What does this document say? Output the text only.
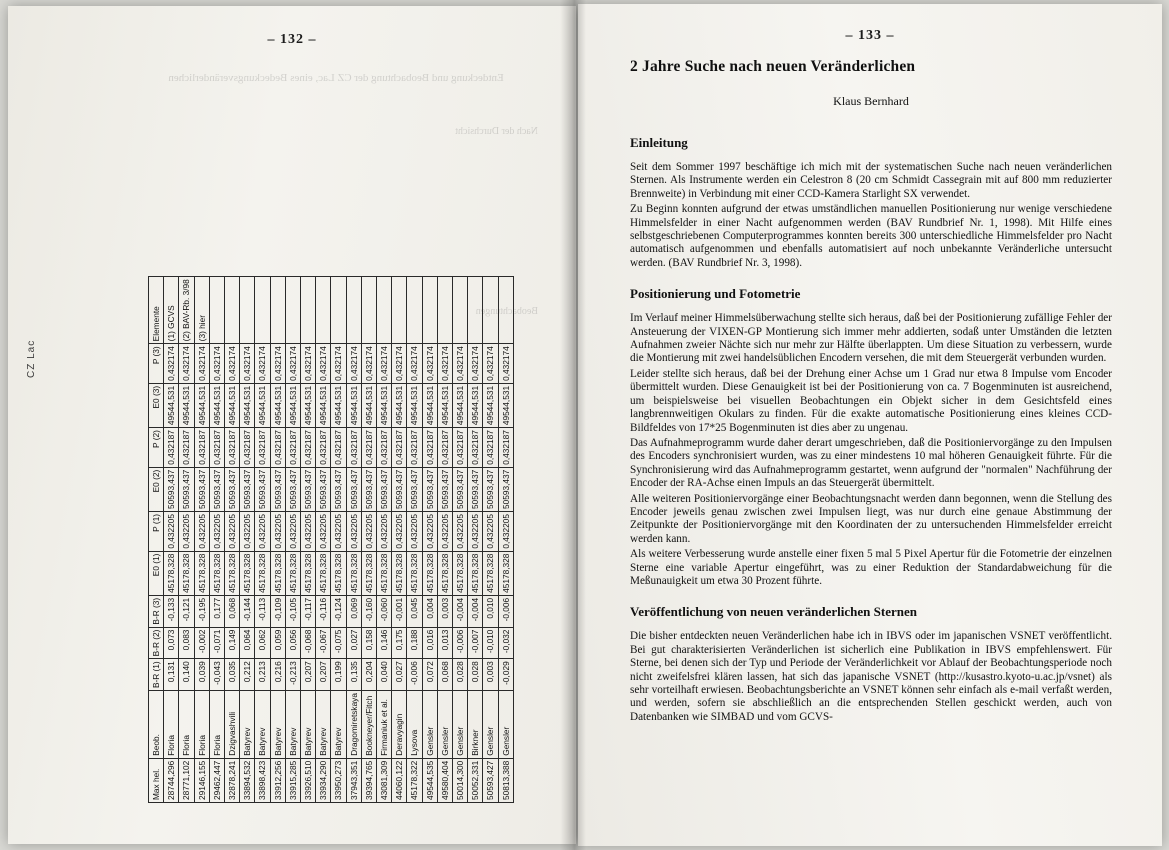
– 132 –
Entdeckung und Beobachtung der CZ Lac, eines Bedeckungsveränderlichen
Nach der Durchsicht
Beobachtungen
CZ Lac
Max hel.	Beob.	B-R (1)	B-R (2)	B-R (3)	E0 (1)	P (1)	E0 (2)	P (2)	E0 (3)	P (3)	Elemente
28744,296	Floria	0,131	0,073	-0,133	45178,328	0,432205	50593,437	0,432187	49544,531	0,432174	(1) GCVS
28771,102	Floria	0,140	0,083	-0,121	45178,328	0,432205	50593,437	0,432187	49544,531	0,432174	(2) BAV-Rb. 3/98
29146,155	Floria	0,039	-0,002	-0,195	45178,328	0,432205	50593,437	0,432187	49544,531	0,432174	(3) hier
29462,447	Floria	-0,043	-0,071	0,177	45178,328	0,432205	50593,437	0,432187	49544,531	0,432174	
32878,241	Dzigvashvili	0,035	0,149	0,068	45178,328	0,432205	50593,437	0,432187	49544,531	0,432174	
33894,532	Batyrev	0,212	0,064	-0,144	45178,328	0,432205	50593,437	0,432187	49544,531	0,432174	
33898,423	Batyrev	0,213	0,062	-0,113	45178,328	0,432205	50593,437	0,432187	49544,531	0,432174	
33912,256	Batyrev	0,216	0,059	-0,109	45178,328	0,432205	50593,437	0,432187	49544,531	0,432174	
33915,285	Batyrev	-0,213	0,056	-0,105	45178,328	0,432205	50593,437	0,432187	49544,531	0,432174	
33926,510	Batyrev	0,207	-0,068	-0,117	45178,328	0,432205	50593,437	0,432187	49544,531	0,432174	
33934,290	Batyrev	0,207	-0,067	-0,116	45178,328	0,432205	50593,437	0,432187	49544,531	0,432174	
33950,273	Batyrev	0,199	-0,075	-0,124	45178,328	0,432205	50593,437	0,432187	49544,531	0,432174	
37943,351	Dragomiretskaya	0,135	0,027	0,069	45178,328	0,432205	50593,437	0,432187	49544,531	0,432174	
39394,765	Bookneyer/Fitch	0,204	0,158	-0,160	45178,328	0,432205	50593,437	0,432187	49544,531	0,432174	
43081,309	Firmaniuk et al.	0,040	0,146	-0,060	45178,328	0,432205	50593,437	0,432187	49544,531	0,432174	
44060,122	Deravyagin	0,027	0,175	-0,001	45178,328	0,432205	50593,437	0,432187	49544,531	0,432174	
45178,322	Lysova	-0,006	0,188	0,045	45178,328	0,432205	50593,437	0,432187	49544,531	0,432174	
49544,535	Gensler	0,072	0,016	0,004	45178,328	0,432205	50593,437	0,432187	49544,531	0,432174	
49580,404	Gensler	0,068	0,013	0,003	45178,328	0,432205	50593,437	0,432187	49544,531	0,432174	
50014,300	Gensler	0,028	-0,006	-0,004	45178,328	0,432205	50593,437	0,432187	49544,531	0,432174	
50052,331	Birkner	0,028	-0,007	-0,004	45178,328	0,432205	50593,437	0,432187	49544,531	0,432174	
50593,427	Gensler	0,003	-0,010	0,010	45178,328	0,432205	50593,437	0,432187	49544,531	0,432174	
50813,388	Gensler	-0,029	-0,032	-0,006	45178,328	0,432205	50593,437	0,432187	49544,531	0,432174	
– 133 –
2 Jahre Suche nach neuen Veränderlichen
Klaus Bernhard
Einleitung

Seit dem Sommer 1997 beschäftige ich mich mit der systematischen Suche nach neuen veränderlichen Sternen. Als Instrumente werden ein Celestron 8 (20 cm Schmidt Cassegrain mit auf 800 mm reduzierter Brennweite) in Verbindung mit einer CCD-Kamera Starlight SX verwendet.

Zu Beginn konnten aufgrund der etwas umständlichen manuellen Positionierung nur wenige verschiedene Himmelsfelder in einer Nacht aufgenommen werden (BAV Rundbrief Nr. 1, 1998). Mit Hilfe eines selbstgeschriebenen Computerprogrammes konnten bereits 300 unterschiedliche Himmelsfelder pro Nacht automatisch aufgenommen und ebenfalls automatisiert auf noch unbekannte Veränderliche untersucht werden. (BAV Rundbrief Nr. 3, 1998).

Positionierung und Fotometrie

Im Verlauf meiner Himmelsüberwachung stellte sich heraus, daß bei der Positionierung zufällige Fehler der Ansteuerung der VIXEN-GP Montierung sich immer mehr addierten, sodaß unter Umständen die letzten Aufnahmen zweier Nächte sich nur mehr zur Hälfte überlappten. Um diese Situation zu verbessern, wurde die Montierung mit zwei handelsüblichen Encodern versehen, die mit dem Steuergerät verbunden wurden.

Leider stellte sich heraus, daß bei der Drehung einer Achse um 1 Grad nur etwa 8 Impulse vom Encoder übermittelt wurden. Diese Genauigkeit ist bei der Positionierung von ca. 7 Bogenminuten ist ausreichend, um beispielsweise bei visuellen Beobachtungen ein Objekt sicher in dem Gesichtsfeld eines langbrennweitigen Okulars zu finden. Für die exakte automatische Positionierung eines kleines CCD-Bildfeldes von 17*25 Bogenminuten ist dies aber zu ungenau.

Das Aufnahmeprogramm wurde daher derart umgeschrieben, daß die Positioniervorgänge zu den Impulsen des Encoders synchronisiert wurden, was zu einer mindestens 10 mal höheren Genauigkeit führte. Für die Synchronisierung wird das Aufnahmeprogramm gestartet, wenn aufgrund der "normalen" Nachführung der Encoder der RA-Achse einen Impuls an das Steuergerät übermittelt.

Alle weiteren Positioniervorgänge einer Beobachtungsnacht werden dann begonnen, wenn die Stellung des Encoder jeweils genau zwischen zwei Impulsen liegt, was nur durch eine genaue Abstimmung der Zeitpunkte der Positioniervorgänge mit den Koordinaten der zu untersuchenden Himmelsfelder erreicht werden kann.

Als weitere Verbesserung wurde anstelle einer fixen 5 mal 5 Pixel Apertur für die Fotometrie der einzelnen Sterne eine variable Apertur eingeführt, was zu einer Reduktion der Standardabweichung für die Meßunauigkeit um etwa 30 Prozent führte.

Veröffentlichung von neuen veränderlichen Sternen

Die bisher entdeckten neuen Veränderlichen habe ich in IBVS oder im japanischen VSNET veröffentlicht. Bei gut charakterisierten Veränderlichen ist sicherlich eine Publikation in IBVS empfehlenswert. Für Sterne, bei denen sich der Typ und Periode der Veränderlichkeit vor Ablauf der Beobachtungsperiode noch nicht zweifelsfrei klären lassen, hat sich das japanische VSNET (http://kusastro.kyoto-u.ac.jp/vsnet) als sehr vorteilhaft erwiesen. Beobachtungsberichte an VSNET können sehr einfach als e-mail verfaßt werden, und werden, sofern sie abschließlich an die entsprechenden Stellen geschickt werden, auch von Datenbanken wie SIMBAD und vom GCVS-
